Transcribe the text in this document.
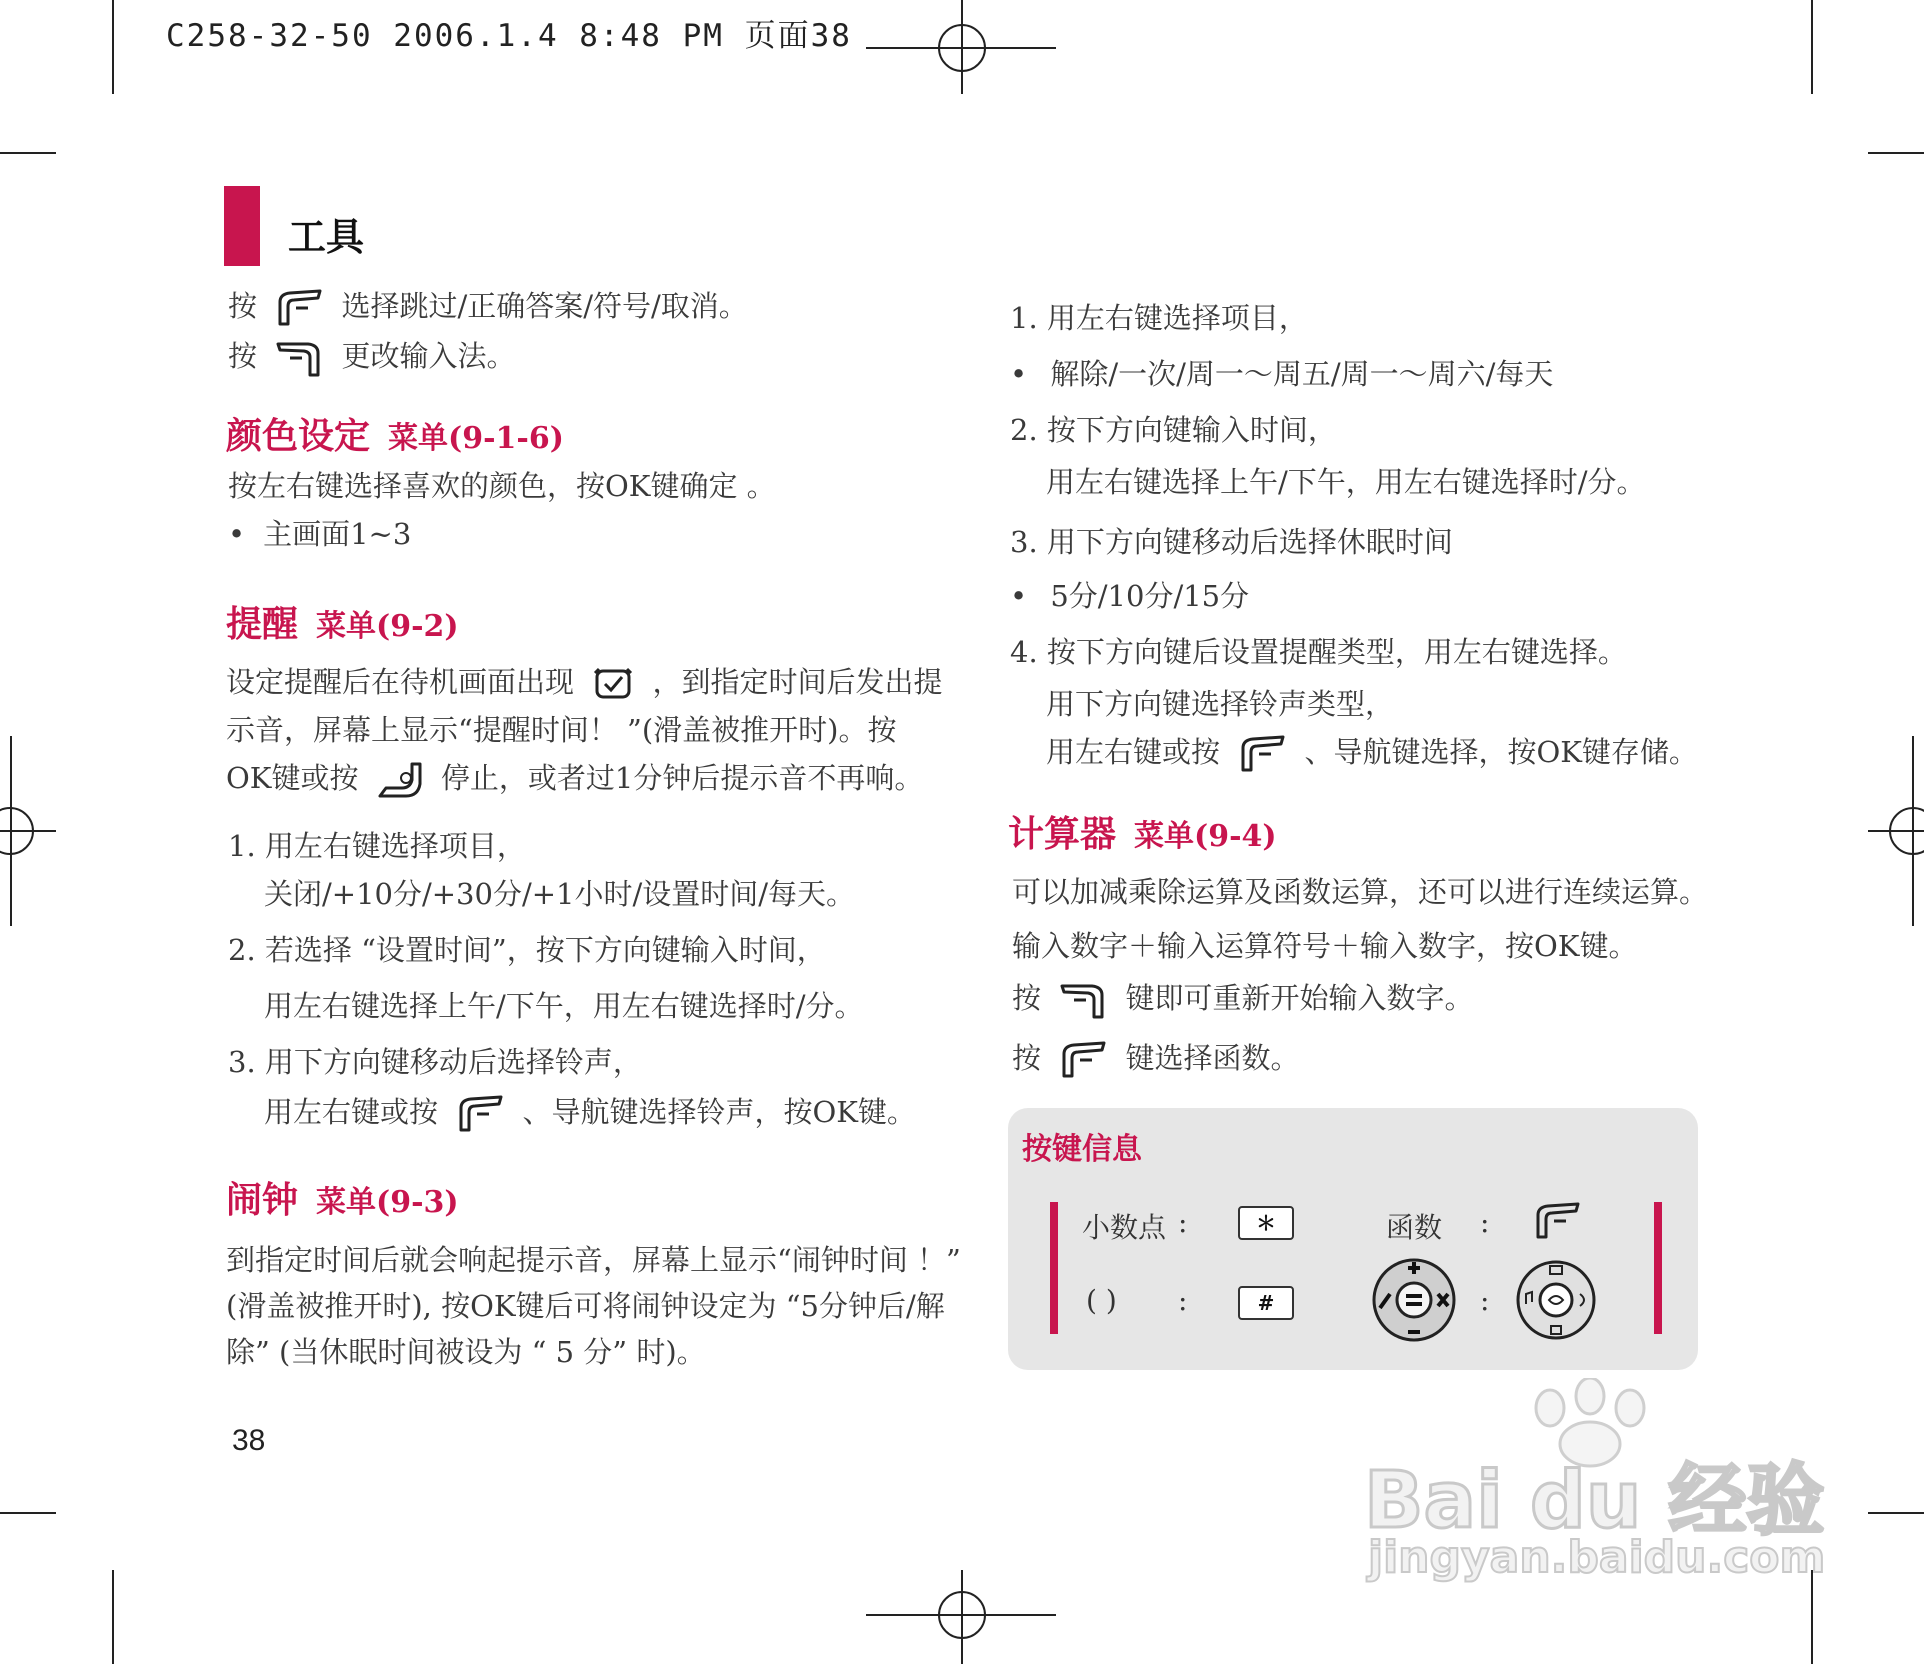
C258-32-50 2006.1.4 8:48 PM 页面38
工具
按	选择跳过/正确答案/符号/取消。
按	更改输入法。
颜色设定 菜单(9-1-6)
按左右键选择喜欢的颜色，按OK键确定 。
• 主画面1~3
提醒 菜单(9-2)
设定提醒后在待机画面出现	，到指定时间后发出提
示音，屏幕上显示“提醒时间！ ”(滑盖被推开时)。按
OK键或按	停止，或者过1分钟后提示音不再响。
1. 用左右键选择项目，
关闭/+10分/+30分/+1小时/设置时间/每天。
2. 若选择 “设置时间”，按下方向键输入时间，
用左右键选择上午/下午，用左右键选择时/分。
3. 用下方向键移动后选择铃声，
用左右键或按	、导航键选择铃声，按OK键。
闹钟 菜单(9-3)
到指定时间后就会响起提示音，屏幕上显示“闹钟时间 ！”
(滑盖被推开时), 按OK键后可将闹钟设定为 “5分钟后/解
除” (当休眠时间被设为 “ 5 分” 时)。
38
1. 用左右键选择项目，
• 解除/一次/周一～周五/周一～周六/每天
2. 按下方向键输入时间，
用左右键选择上午/下午，用左右键选择时/分。
3. 用下方向键移动后选择休眠时间
• 5分/10分/15分
4. 按下方向键后设置提醒类型，用左右键选择。
用下方向键选择铃声类型，
用左右键或按	、导航键选择，按OK键存储。
计算器 菜单(9-4)
可以加减乘除运算及函数运算，还可以进行连续运算。
输入数字＋输入运算符号＋输入数字，按OK键。
按	键即可重新开始输入数字。
按	键选择函数。
按键信息
小数点 :	＊	函数 :
( ) :	#	:
Bai du 经验
jingyan.baidu.com
